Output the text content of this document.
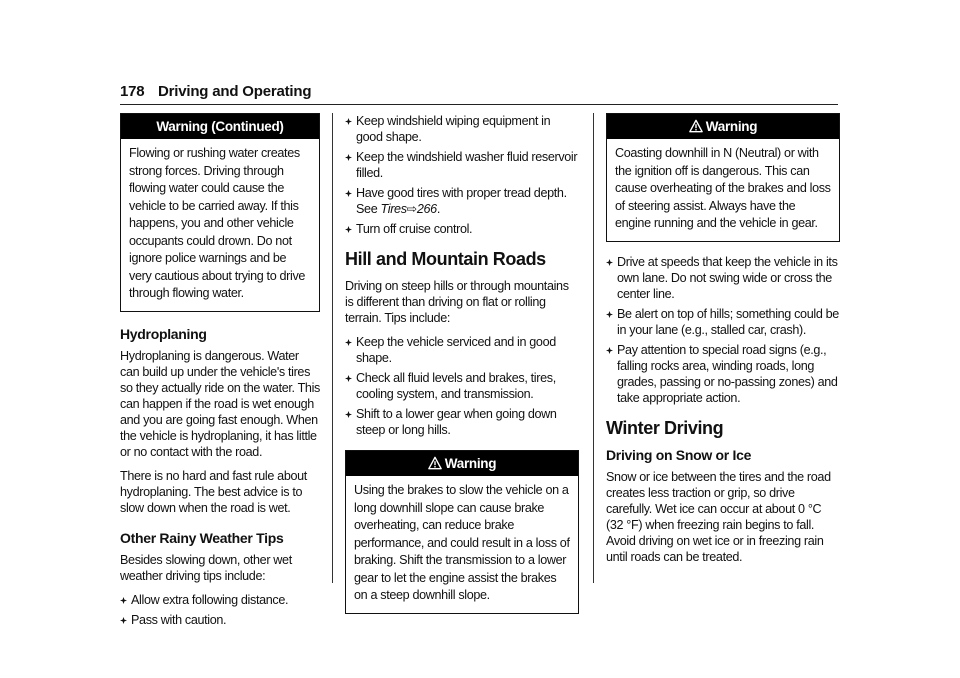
178 Driving and Operating
Warning (Continued)
Flowing or rushing water creates strong forces. Driving through flowing water could cause the vehicle to be carried away. If this happens, you and other vehicle occupants could drown. Do not ignore police warnings and be very cautious about trying to drive through flowing water.
Hydroplaning

Hydroplaning is dangerous. Water can build up under the vehicle's tires so they actually ride on the water. This can happen if the road is wet enough and you are going fast enough. When the vehicle is hydroplaning, it has little or no contact with the road.

There is no hard and fast rule about hydroplaning. The best advice is to slow down when the road is wet.

Other Rainy Weather Tips

Besides slowing down, other wet weather driving tips include:

Allow extra following distance.
Pass with caution.
Keep windshield wiping equipment in good shape.
Keep the windshield washer fluid reservoir filled.
Have good tires with proper tread depth. See Tires⇨266.
Turn off cruise control.
Hill and Mountain Roads

Driving on steep hills or through mountains is different than driving on flat or rolling terrain. Tips include:

Keep the vehicle serviced and in good shape.
Check all fluid levels and brakes, tires, cooling system, and transmission.
Shift to a lower gear when going down steep or long hills.
Warning
Using the brakes to slow the vehicle on a long downhill slope can cause brake overheating, can reduce brake performance, and could result in a loss of braking. Shift the transmission to a lower gear to let the engine assist the brakes on a steep downhill slope.
Warning
Coasting downhill in N (Neutral) or with the ignition off is dangerous. This can cause overheating of the brakes and loss of steering assist. Always have the engine running and the vehicle in gear.
Drive at speeds that keep the vehicle in its own lane. Do not swing wide or cross the center line.
Be alert on top of hills; something could be in your lane (e.g., stalled car, crash).
Pay attention to special road signs (e.g., falling rocks area, winding roads, long grades, passing or no-passing zones) and take appropriate action.
Winter Driving
Driving on Snow or Ice

Snow or ice between the tires and the road creates less traction or grip, so drive carefully. Wet ice can occur at about 0 °C (32 °F) when freezing rain begins to fall. Avoid driving on wet ice or in freezing rain until roads can be treated.
